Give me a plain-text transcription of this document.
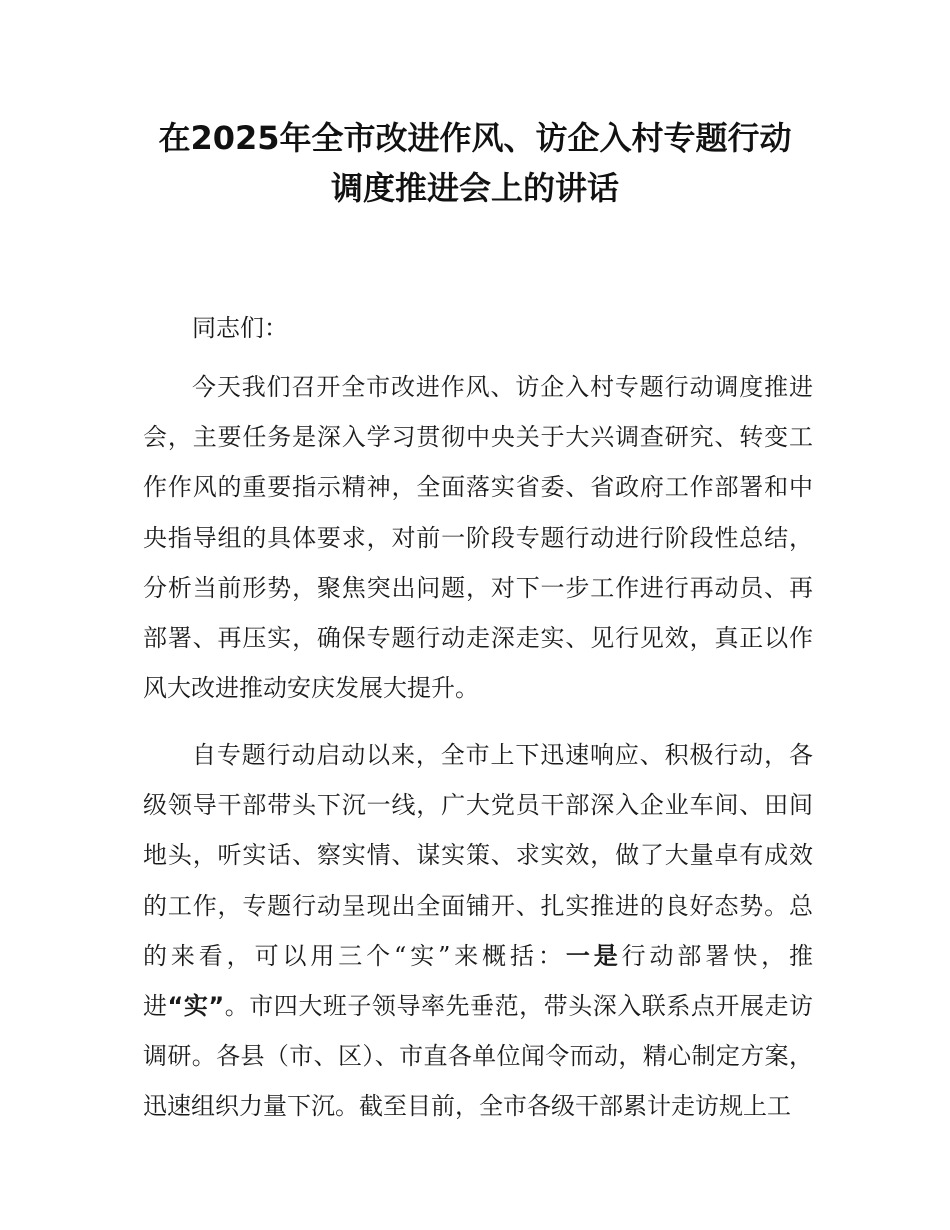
在2025年全市改进作风、访企入村专题行动
调度推进会上的讲话
同志们：

今天我们召开全市改进作风、访企入村专题行动调度推进会，主要任务是深入学习贯彻中央关于大兴调查研究、转变工作作风的重要指示精神，全面落实省委、省政府工作部署和中央指导组的具体要求，对前一阶段专题行动进行阶段性总结，分析当前形势，聚焦突出问题，对下一步工作进行再动员、再部署、再压实，确保专题行动走深走实、见行见效，真正以作风大改进推动安庆发展大提升。

自专题行动启动以来，全市上下迅速响应、积极行动，各级领导干部带头下沉一线，广大党员干部深入企业车间、田间地头，听实话、察实情、谋实策、求实效，做了大量卓有成效的工作，专题行动呈现出全面铺开、扎实推进的良好态势。总的来看，可以用三个“实”来概括：一是行动部署快，推进“实”。市四大班子领导率先垂范，带头深入联系点开展走访调研。各县（市、区）、市直各单位闻令而动，精心制定方案，迅速组织力量下沉。截至目前，全市各级干部累计走访规上工
